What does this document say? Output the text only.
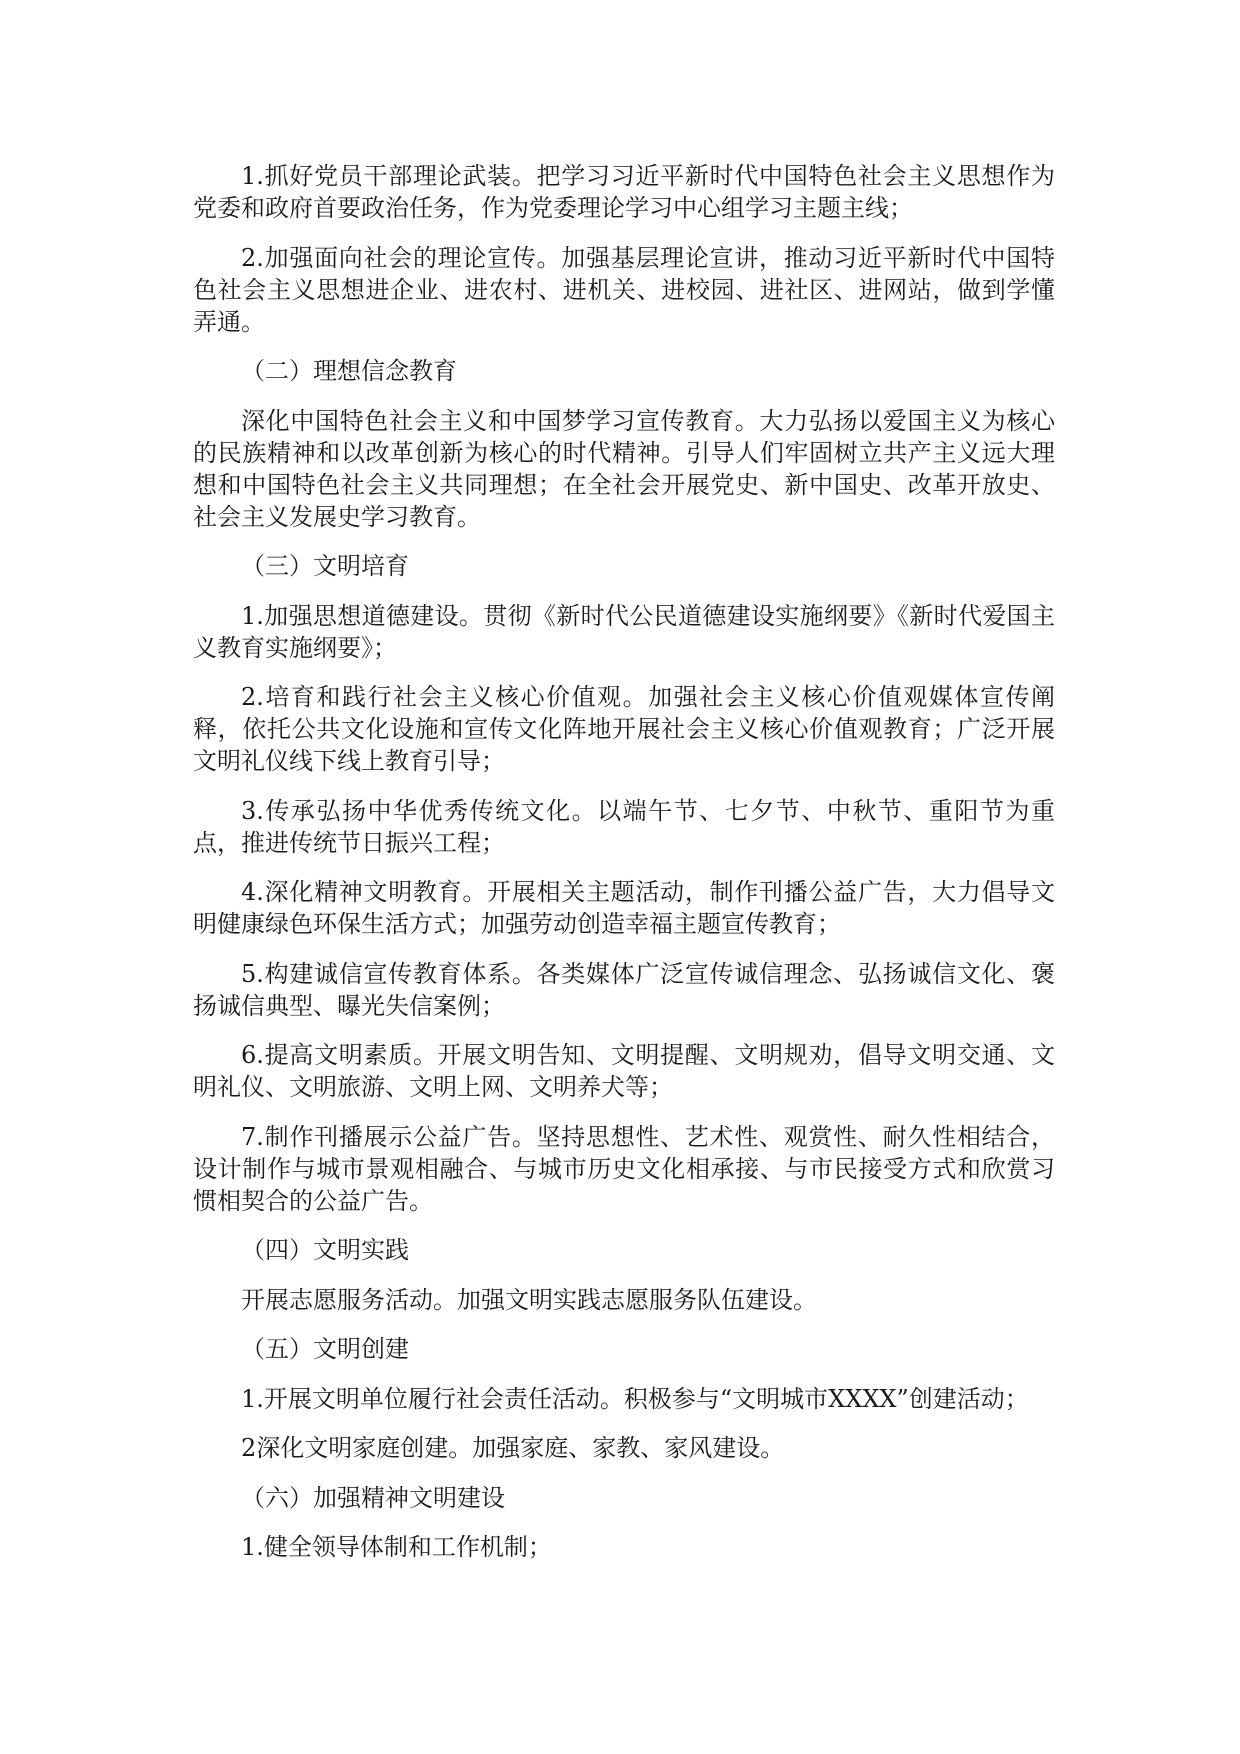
1.抓好党员干部理论武装。把学习习近平新时代中国特色社会主义思想作为党委和政府首要政治任务，作为党委理论学习中心组学习主题主线；

2.加强面向社会的理论宣传。加强基层理论宣讲，推动习近平新时代中国特色社会主义思想进企业、进农村、进机关、进校园、进社区、进网站，做到学懂弄通。

（二）理想信念教育

深化中国特色社会主义和中国梦学习宣传教育。大力弘扬以爱国主义为核心的民族精神和以改革创新为核心的时代精神。引导人们牢固树立共产主义远大理想和中国特色社会主义共同理想；在全社会开展党史、新中国史、改革开放史、社会主义发展史学习教育。

（三）文明培育

1.加强思想道德建设。贯彻《新时代公民道德建设实施纲要》《新时代爱国主义教育实施纲要》；

2.培育和践行社会主义核心价值观。加强社会主义核心价值观媒体宣传阐释，依托公共文化设施和宣传文化阵地开展社会主义核心价值观教育；广泛开展文明礼仪线下线上教育引导；

3.传承弘扬中华优秀传统文化。以端午节、七夕节、中秋节、重阳节为重点，推进传统节日振兴工程；

4.深化精神文明教育。开展相关主题活动，制作刊播公益广告，大力倡导文明健康绿色环保生活方式；加强劳动创造幸福主题宣传教育；

5.构建诚信宣传教育体系。各类媒体广泛宣传诚信理念、弘扬诚信文化、褒扬诚信典型、曝光失信案例；

6.提高文明素质。开展文明告知、文明提醒、文明规劝，倡导文明交通、文明礼仪、文明旅游、文明上网、文明养犬等；

7.制作刊播展示公益广告。坚持思想性、艺术性、观赏性、耐久性相结合，设计制作与城市景观相融合、与城市历史文化相承接、与市民接受方式和欣赏习惯相契合的公益广告。

（四）文明实践

开展志愿服务活动。加强文明实践志愿服务队伍建设。

（五）文明创建

1.开展文明单位履行社会责任活动。积极参与“文明城市XXXX”创建活动；

2深化文明家庭创建。加强家庭、家教、家风建设。

（六）加强精神文明建设

1.健全领导体制和工作机制；
